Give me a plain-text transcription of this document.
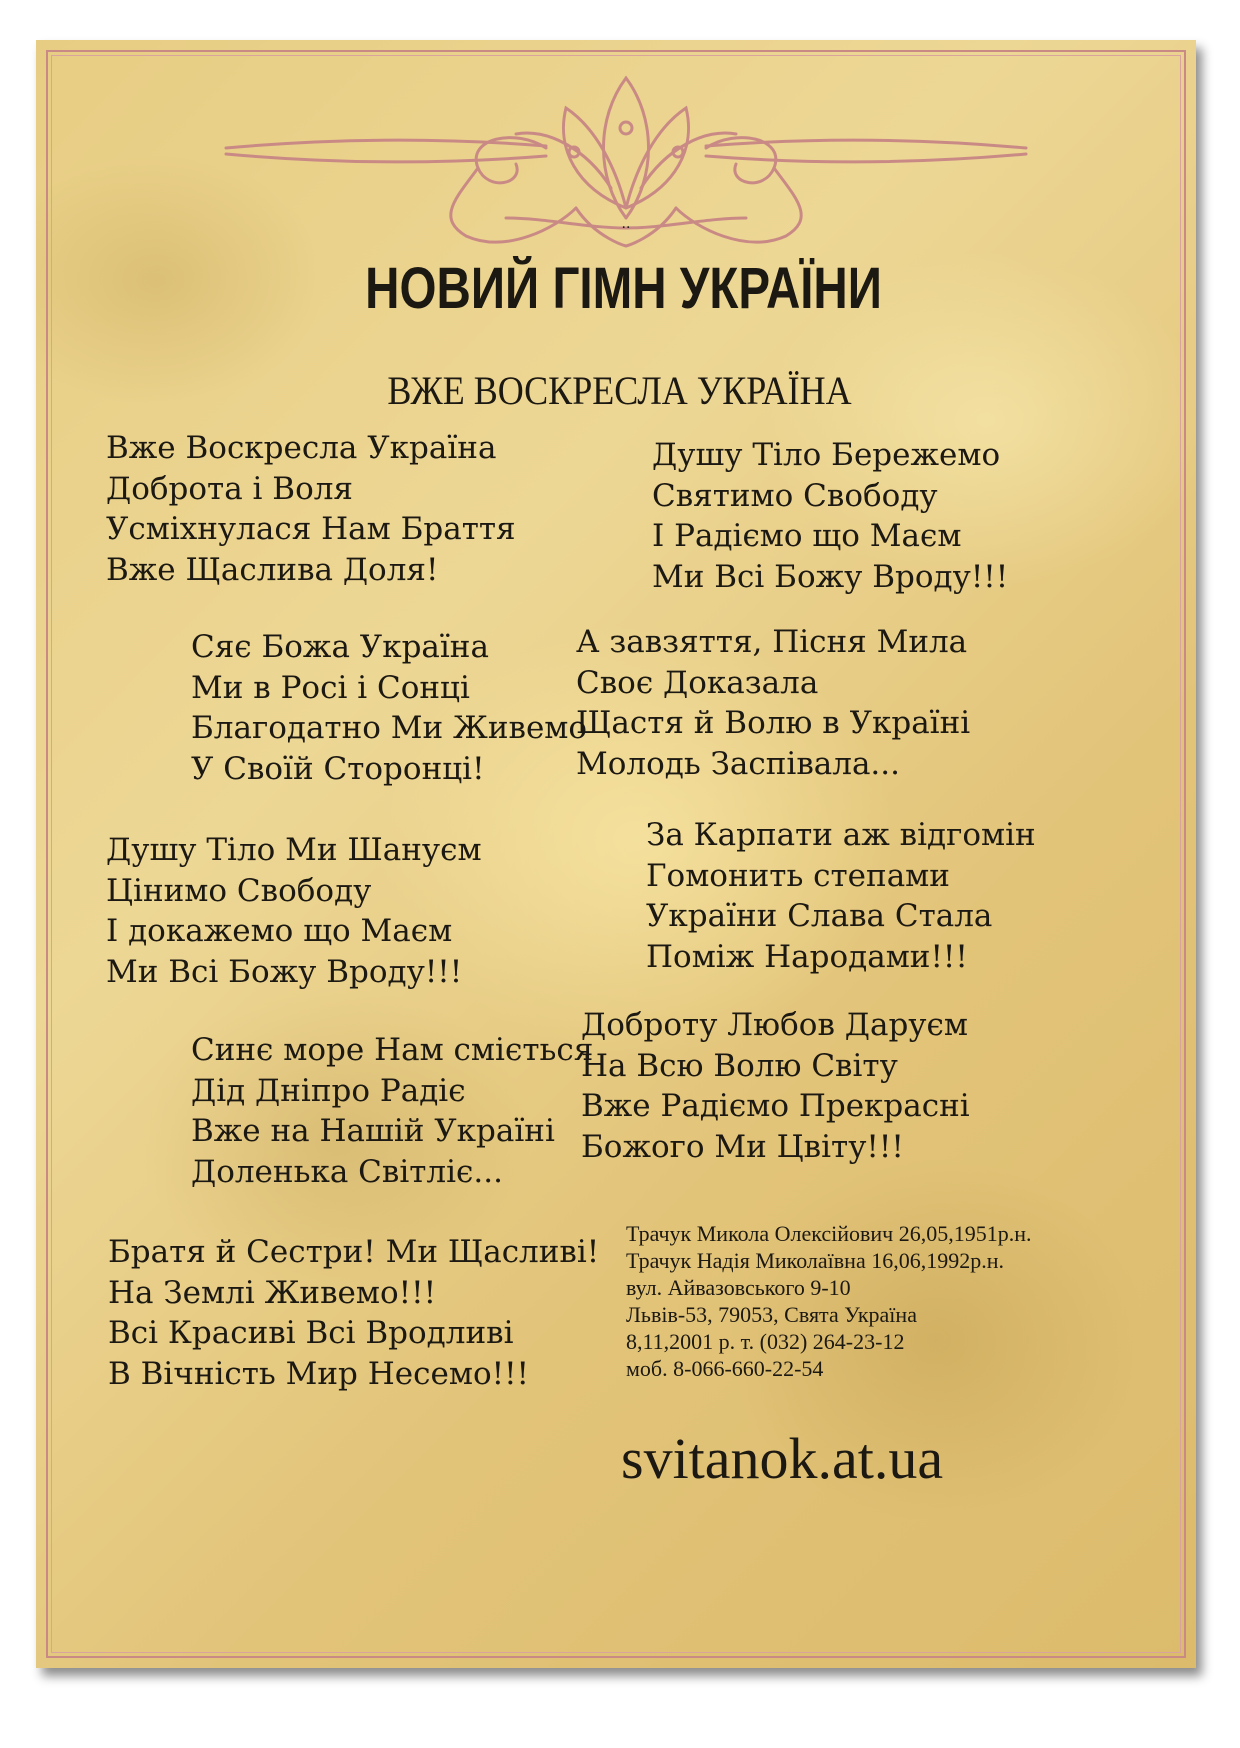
..
НОВИЙ ГІМН УКРАЇНИ
ВЖЕ ВОСКРЕСЛА УКРАЇНА
Вже Воскресла Україна
Доброта і Воля
Усміхнулася Нам Браття
Вже Щаслива Доля!
Сяє Божа Україна
Ми в Росі і Сонці
Благодатно Ми Живемо
У Своїй Сторонці!
Душу Тіло Ми Шануєм
Цінимо Свободу
І докажемо що Маєм
Ми Всі Божу Вроду!!!
Синє море Нам сміється
Дід Дніпро Радіє
Вже на Нашій Україні
Доленька Світліє...
Братя й Сестри! Ми Щасливі!
На Землі Живемо!!!
Всі Красиві Всі Вродливі
В Вічність Мир Несемо!!!
Душу Тіло Бережемо
Святимо Свободу
І Радіємо що Маєм
Ми Всі Божу Вроду!!!
А завзяття, Пісня Мила
Своє Доказала
Щастя й Волю в Україні
Молодь Заспівала...
За Карпати аж відгомін
Гомонить степами
України Слава Стала
Поміж Народами!!!
Доброту Любов Даруєм
На Всю Волю Світу
Вже Радіємо Прекрасні
Божого Ми Цвіту!!!
Трачук Микола Олексійович 26,05,1951р.н.
Трачук Надія Миколаївна 16,06,1992р.н.
вул. Айвазовського 9-10
Львів-53, 79053, Свята Україна
8,11,2001 р. т. (032) 264-23-12
моб. 8-066-660-22-54

svitanok.at.ua
